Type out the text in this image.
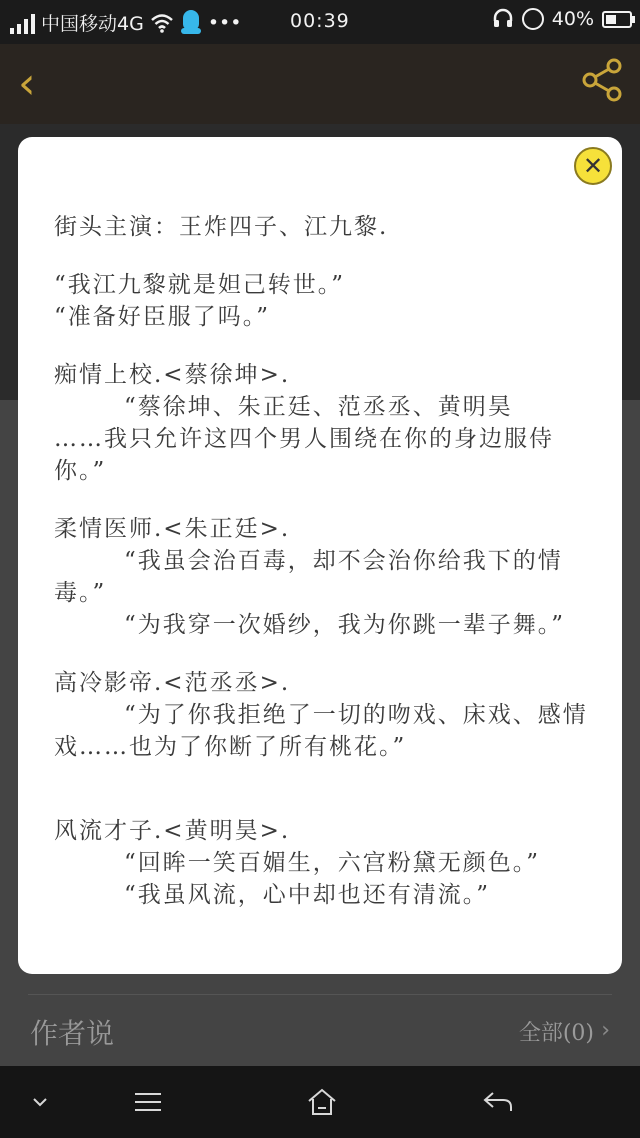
中国移动4G	•••	00:39	40%
‹
作者说	全部(0) ›
✕

街头主演：王炸四子、江九黎.

“我江九黎就是妲己转世。”

“准备好臣服了吗。”

痴情上校.<蔡徐坤>.

“蔡徐坤、朱正廷、范丞丞、黄明昊

……我只允许这四个男人围绕在你的身边服侍你。”

柔情医师.<朱正廷>.

“我虽会治百毒，却不会治你给我下的情毒。”

“为我穿一次婚纱，我为你跳一辈子舞。”

高冷影帝.<范丞丞>.

“为了你我拒绝了一切的吻戏、床戏、感情戏……也为了你断了所有桃花。”

风流才子.<黄明昊>.

“回眸一笑百媚生，六宫粉黛无颜色。”

“我虽风流，心中却也还有清流。”
